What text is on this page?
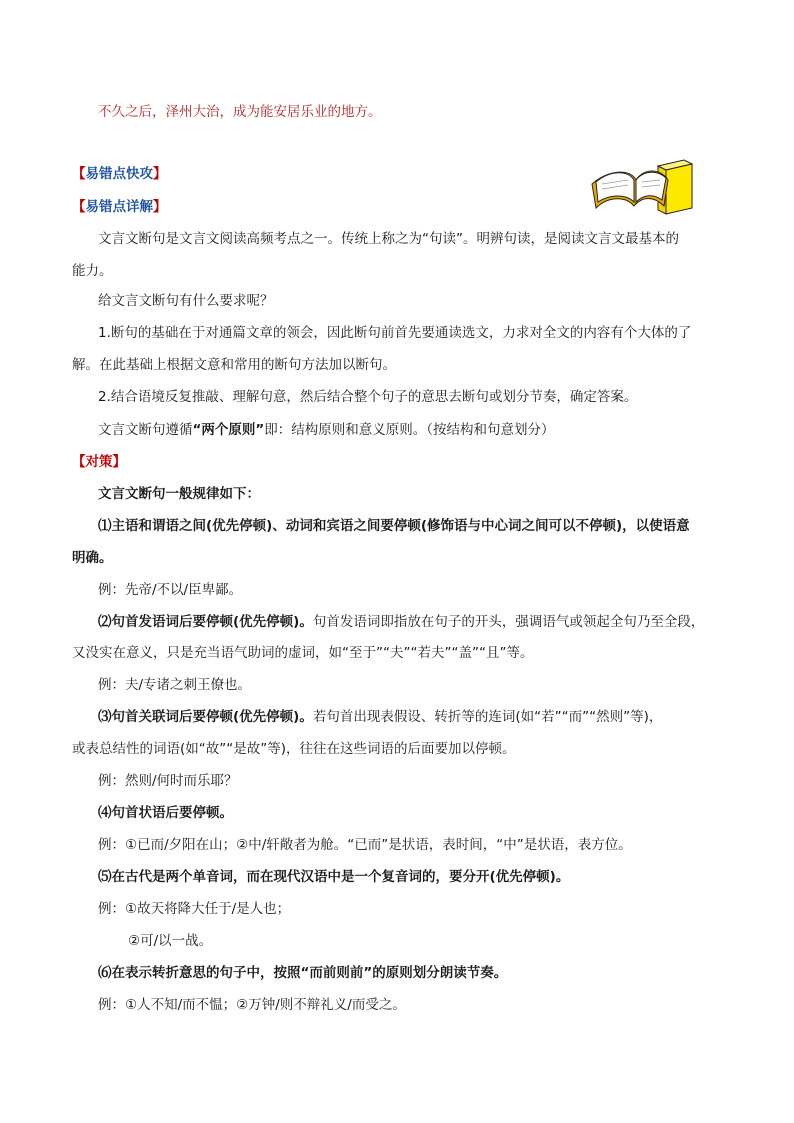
不久之后，泽州大治，成为能安居乐业的地方。
【易错点快攻】
【易错点详解】
文言文断句是文言文阅读高频考点之一。传统上称之为“句读”。明辨句读，是阅读文言文最基本的
能力。
给文言文断句有什么要求呢？
1.断句的基础在于对通篇文章的领会，因此断句前首先要通读选文，力求对全文的内容有个大体的了
解。在此基础上根据文意和常用的断句方法加以断句。
2.结合语境反复推敲、理解句意，然后结合整个句子的意思去断句或划分节奏，确定答案。
文言文断句遵循“两个原则”即：结构原则和意义原则。（按结构和句意划分）
【对策】
文言文断句一般规律如下：
⑴主语和谓语之间(优先停顿)、动词和宾语之间要停顿(修饰语与中心词之间可以不停顿)，以使语意
明确。
例：先帝/不以/臣卑鄙。
⑵句首发语词后要停顿(优先停顿)。句首发语词即指放在句子的开头，强调语气或领起全句乃至全段，
又没实在意义，只是充当语气助词的虚词，如“至于”“夫”“若夫”“盖”“且”等。
例：夫/专诸之刺王僚也。
⑶句首关联词后要停顿(优先停顿)。若句首出现表假设、转折等的连词(如“若”“而”“然则”等)，
或表总结性的词语(如“故”“是故”等)，往往在这些词语的后面要加以停顿。
例：然则/何时而乐耶？
⑷句首状语后要停顿。
例：①已而/夕阳在山；②中/轩敞者为舱。“已而”是状语，表时间，“中”是状语，表方位。
⑸在古代是两个单音词，而在现代汉语中是一个复音词的，要分开(优先停顿)。
例：①故天将降大任于/是人也；
②可/以一战。
⑹在表示转折意思的句子中，按照“而前则前”的原则划分朗读节奏。
例：①人不知/而不愠；②万钟/则不辩礼义/而受之。
